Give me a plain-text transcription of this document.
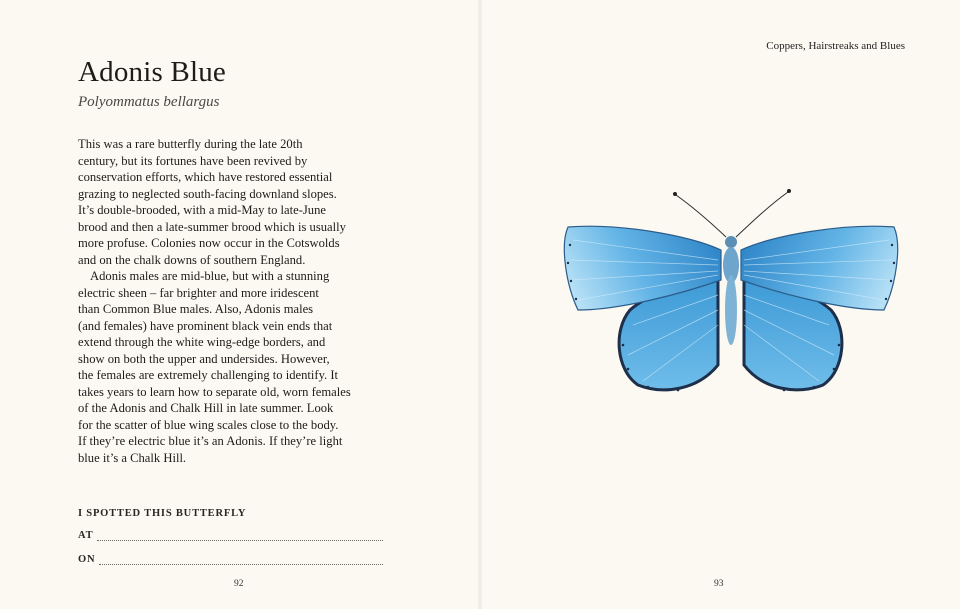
Adonis Blue
Polyommatus bellargus

This was a rare butterfly during the late 20th
century, but its fortunes have been revived by
conservation efforts, which have restored essential
grazing to neglected south-facing downland slopes.
It’s double-brooded, with a mid-May to late-June
brood and then a late-summer brood which is usually
more profuse. Colonies now occur in the Cotswolds
and on the chalk downs of southern England.

Adonis males are mid-blue, but with a stunning
electric sheen – far brighter and more iridescent
than Common Blue males. Also, Adonis males
(and females) have prominent black vein ends that
extend through the white wing-edge borders, and
show on both the upper and undersides. However,
the females are extremely challenging to identify. It
takes years to learn how to separate old, worn females
of the Adonis and Chalk Hill in late summer. Look
for the scatter of blue wing scales close to the body.
If they’re electric blue it’s an Adonis. If they’re light
blue it’s a Chalk Hill.

I SPOTTED THIS BUTTERFLY
AT
ON
92
Coppers, Hairstreaks and Blues
93
